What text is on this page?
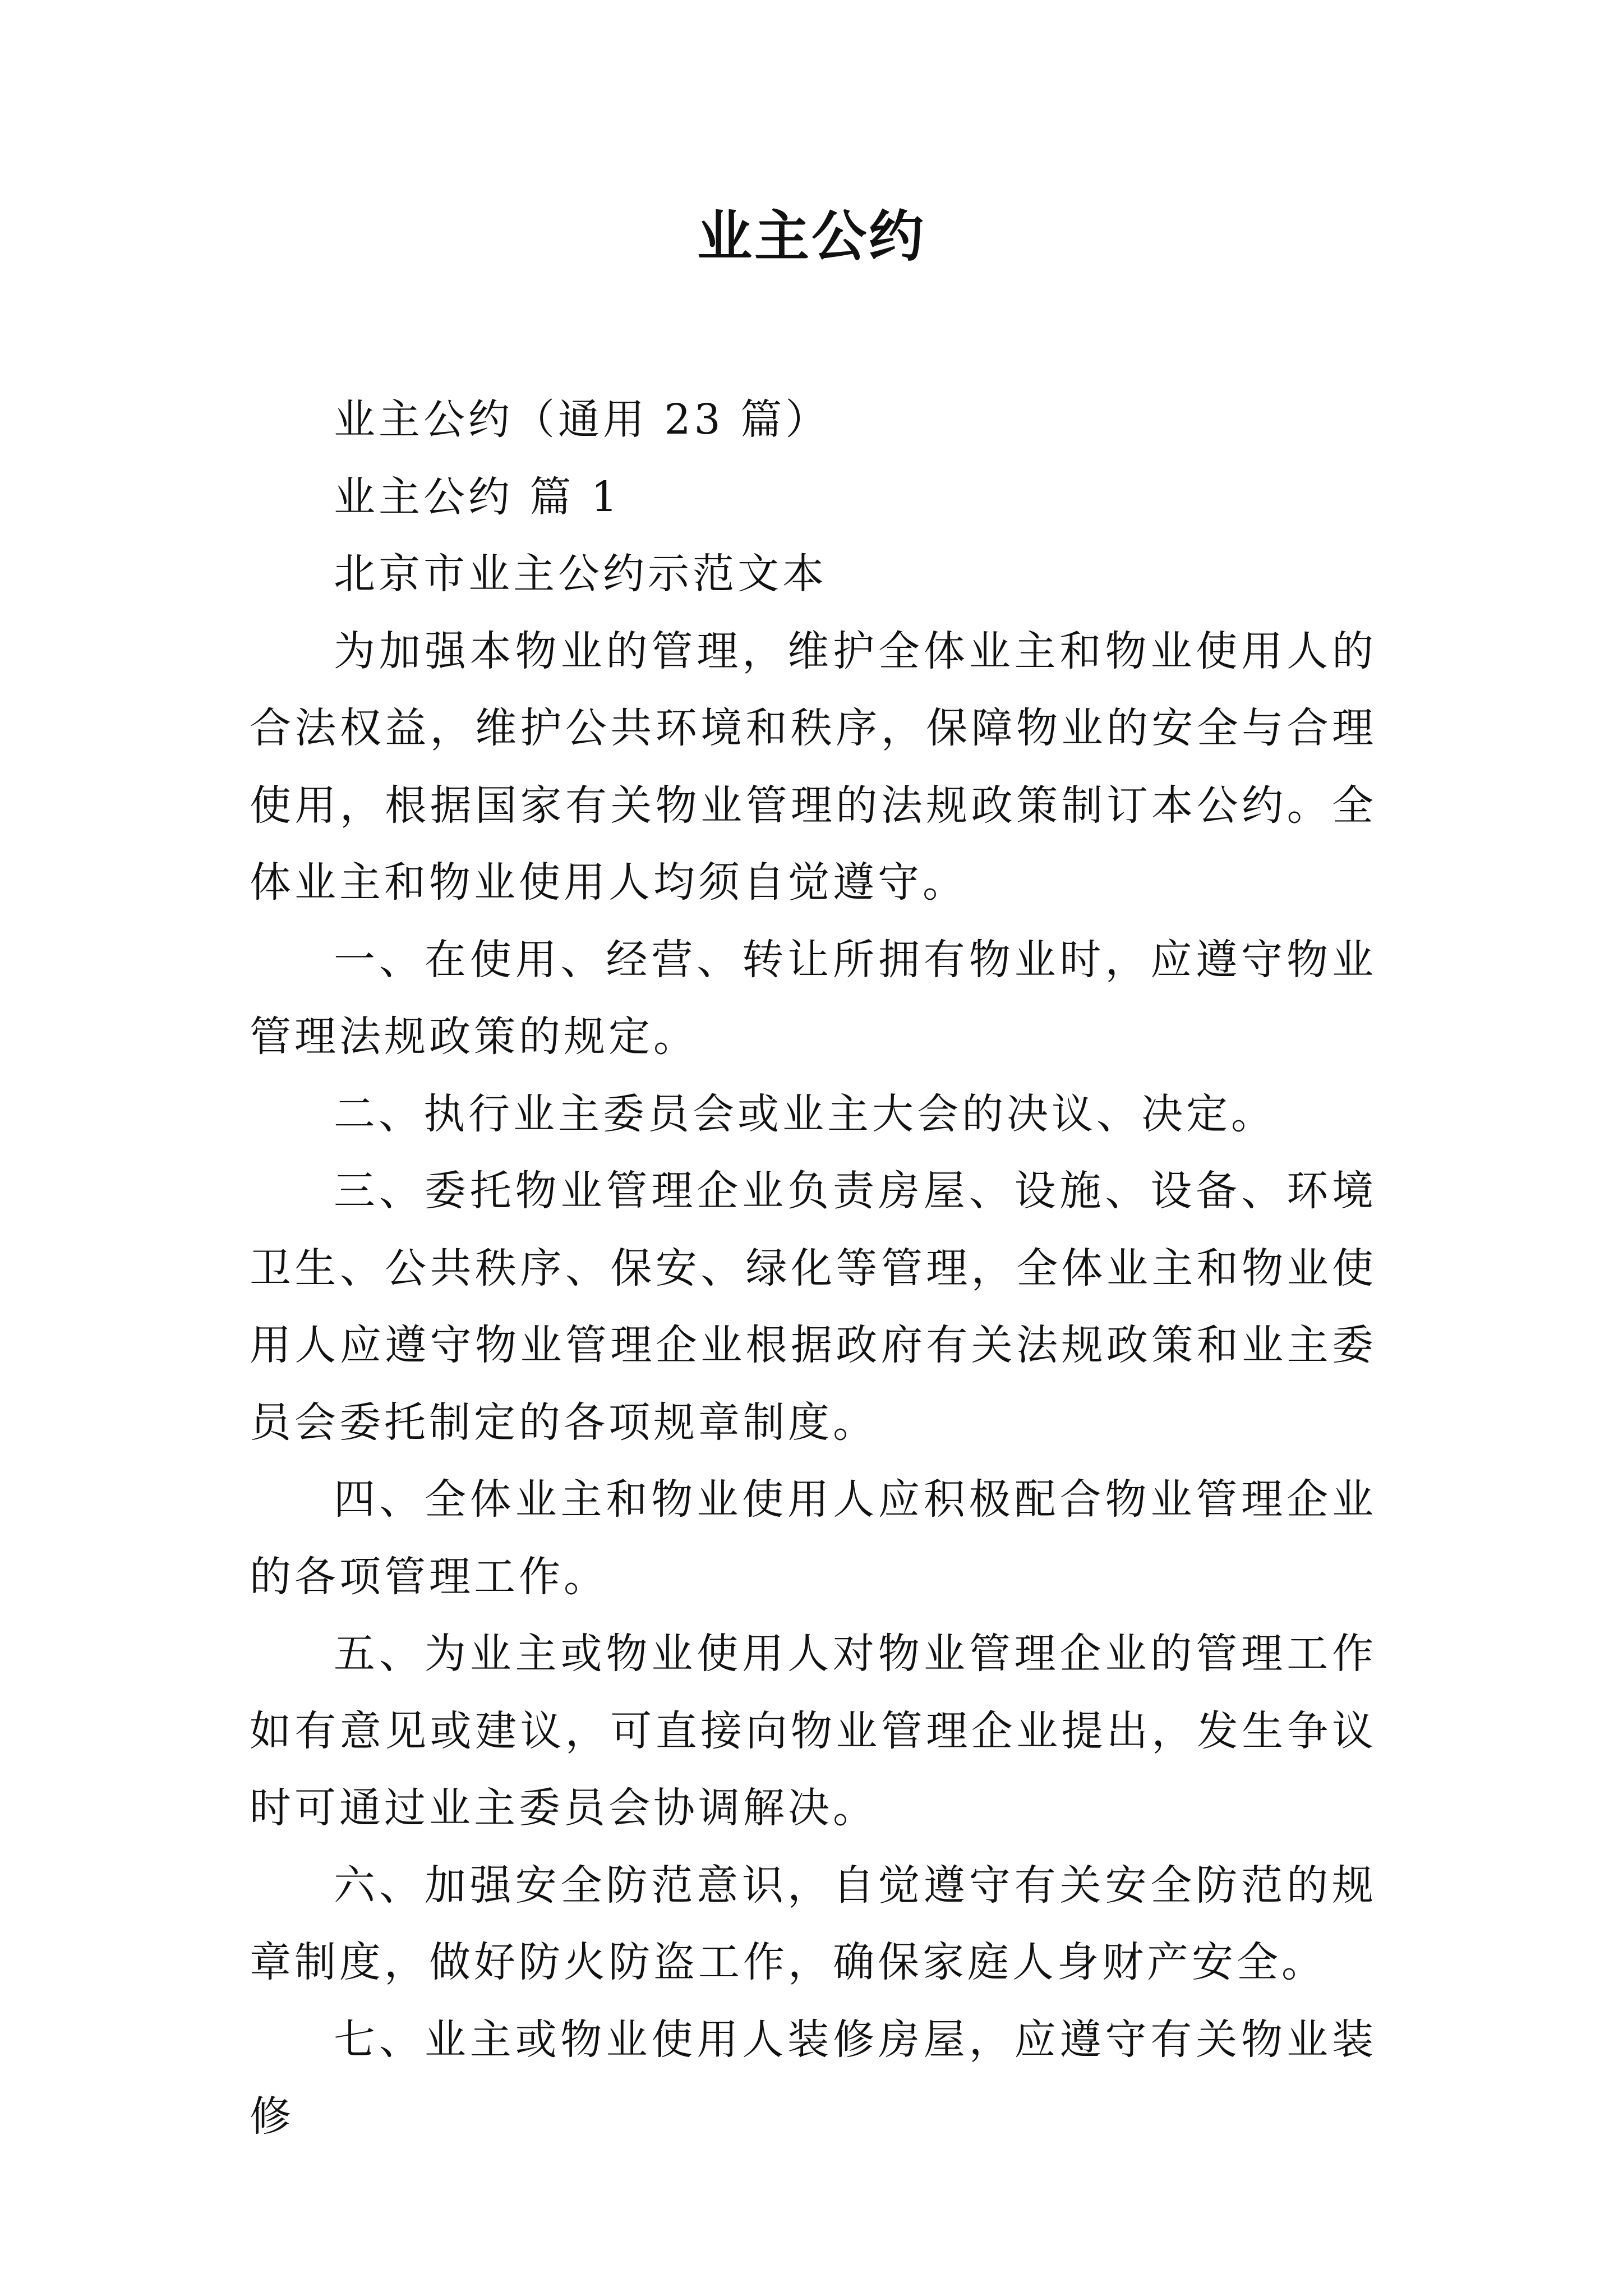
业主公约

业主公约（通用 23 篇）

业主公约 篇 1

北京市业主公约示范文本

为加强本物业的管理，维护全体业主和物业使用人的合法权益，维护公共环境和秩序，保障物业的安全与合理使用，根据国家有关物业管理的法规政策制订本公约。全体业主和物业使用人均须自觉遵守。

一、在使用、经营、转让所拥有物业时，应遵守物业管理法规政策的规定。

二、执行业主委员会或业主大会的决议、决定。

三、委托物业管理企业负责房屋、设施、设备、环境卫生、公共秩序、保安、绿化等管理，全体业主和物业使用人应遵守物业管理企业根据政府有关法规政策和业主委员会委托制定的各项规章制度。

四、全体业主和物业使用人应积极配合物业管理企业的各项管理工作。

五、为业主或物业使用人对物业管理企业的管理工作如有意见或建议，可直接向物业管理企业提出，发生争议时可通过业主委员会协调解决。

六、加强安全防范意识，自觉遵守有关安全防范的规章制度，做好防火防盗工作，确保家庭人身财产安全。

七、业主或物业使用人装修房屋，应遵守有关物业装修
